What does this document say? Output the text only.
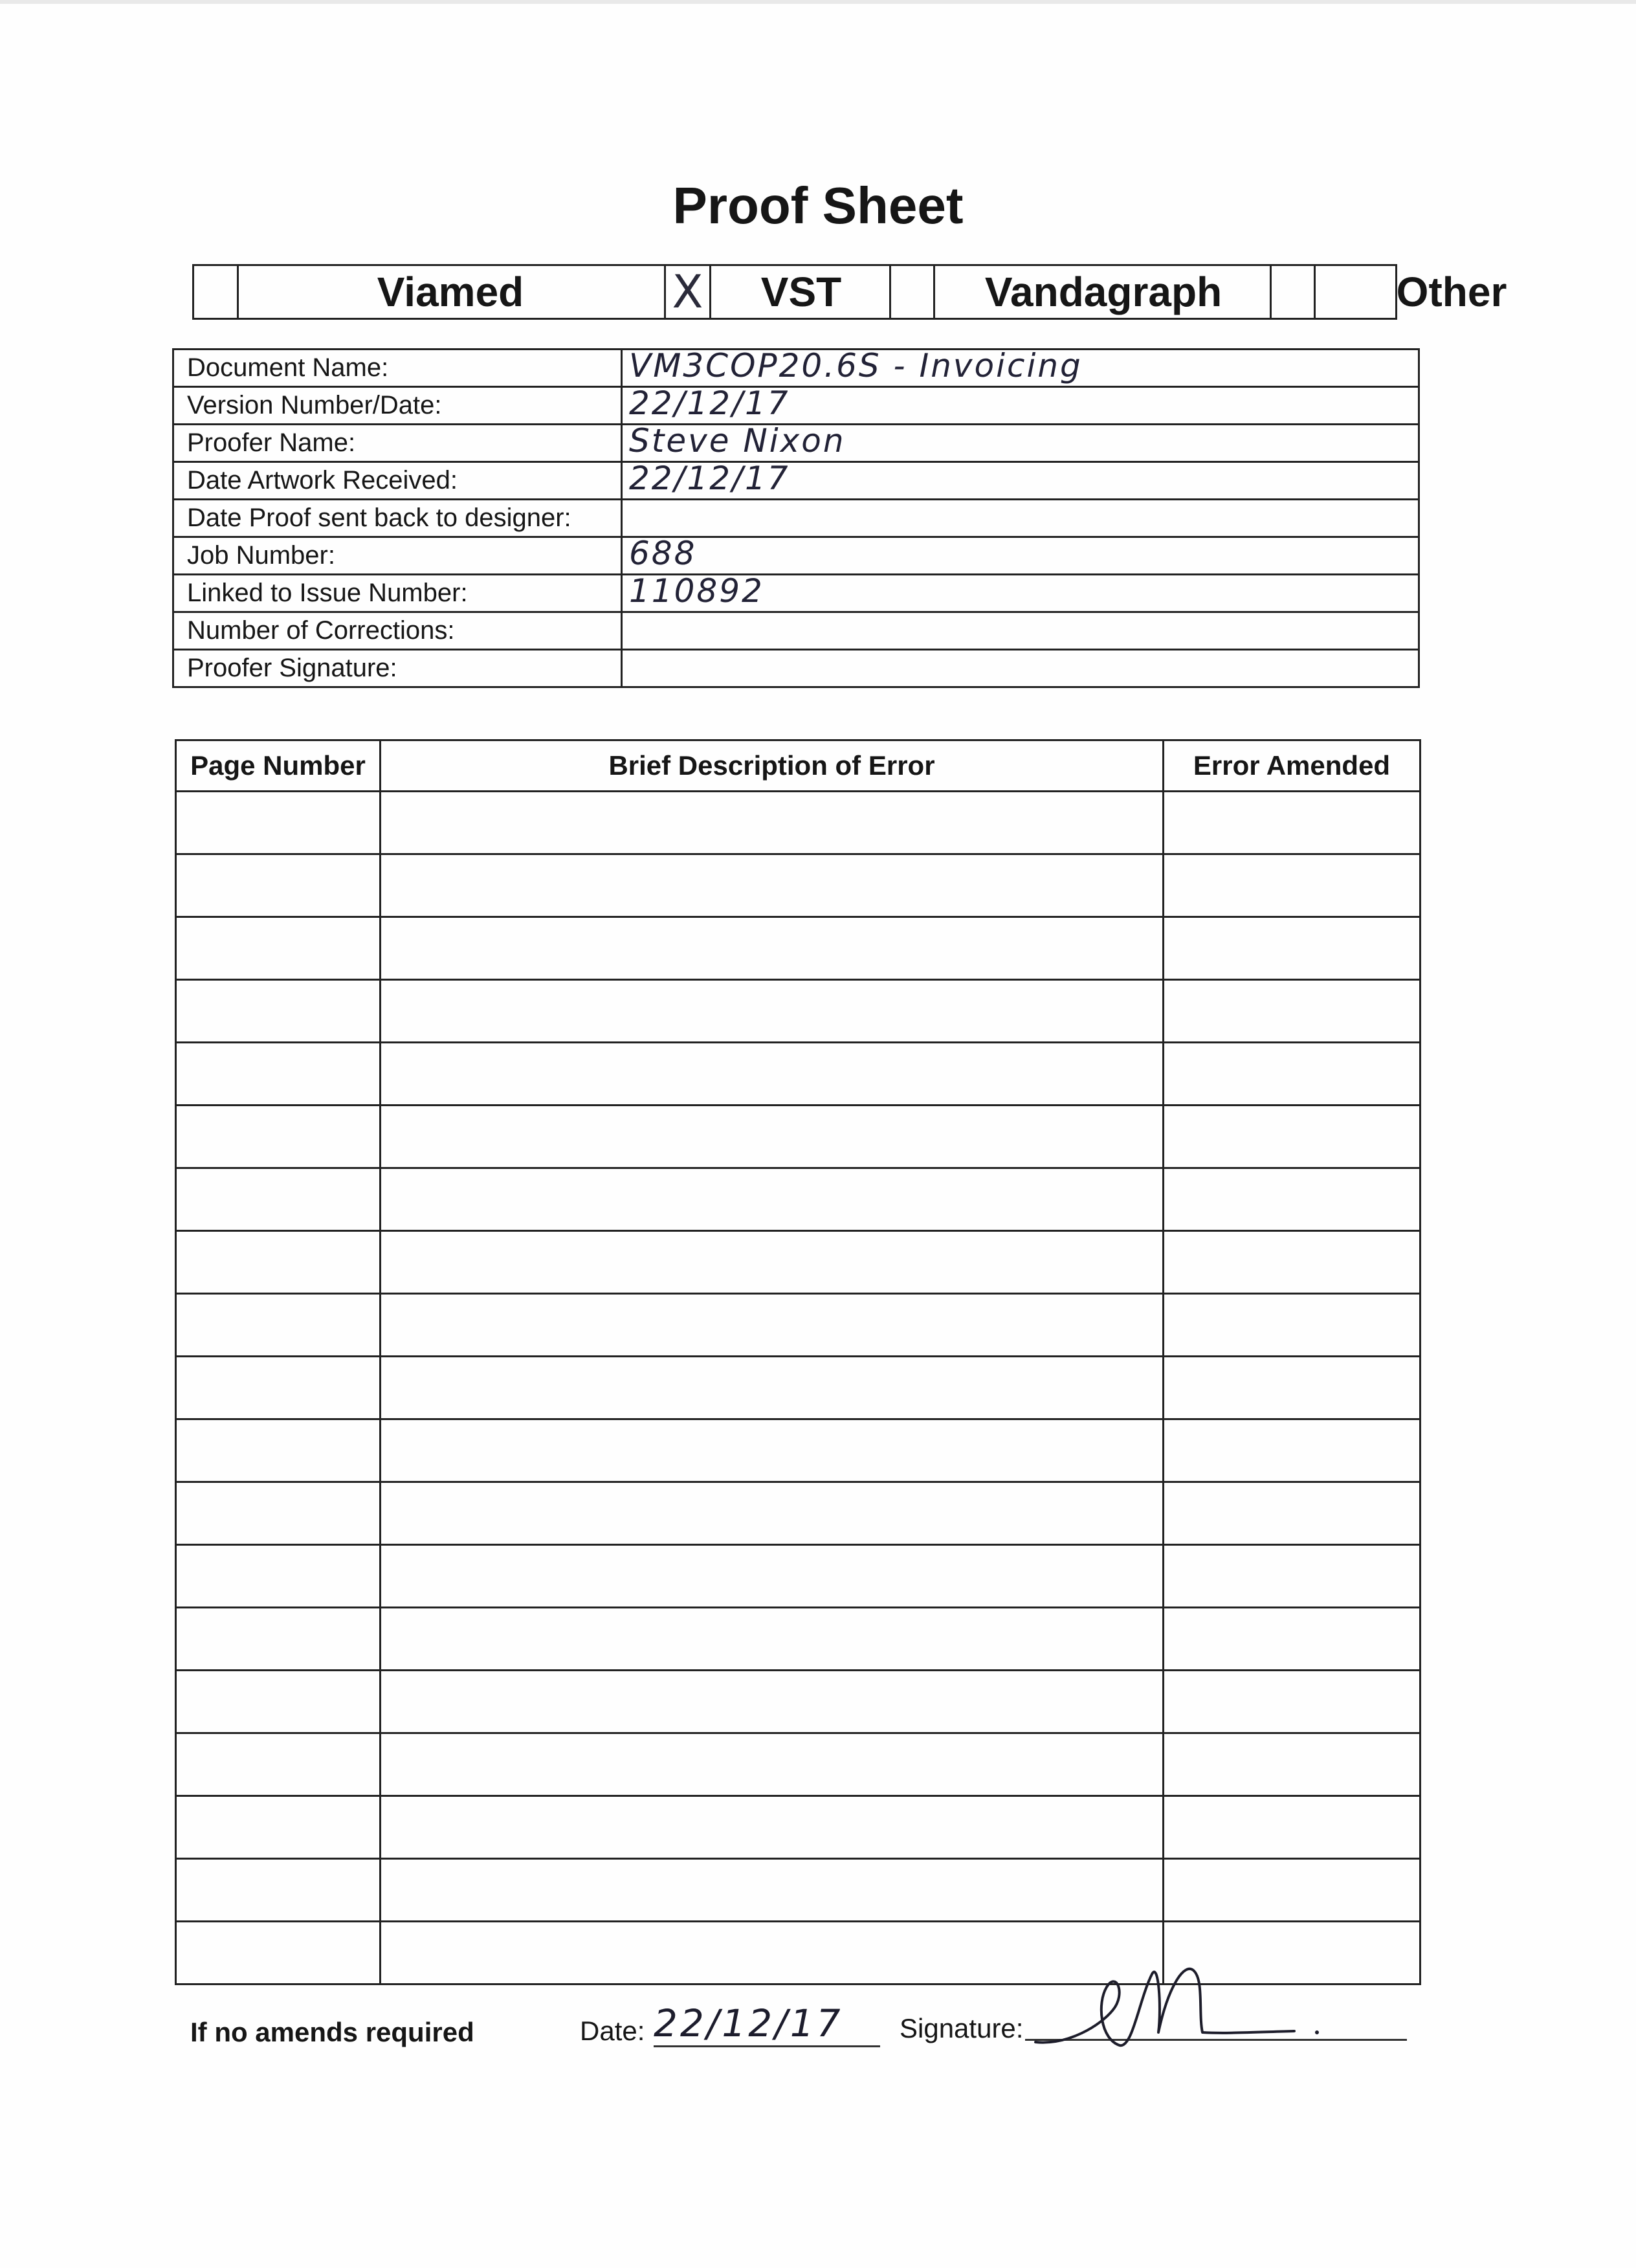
Proof Sheet
Viamed	X	VST	Vandagraph	Other
Document Name:	VM3COP20.6S - Invoicing

Version Number/Date:	22/12/17

Proofer Name:	Steve Nixon

Date Artwork Received:	22/12/17

Date Proof sent back to designer:	

Job Number:	688

Linked to Issue Number:	110892

Number of Corrections:	

Proofer Signature:	
Page Number	Brief Description of Error	Error Amended

If no amends required	Date: 22/12/17 Signature:
